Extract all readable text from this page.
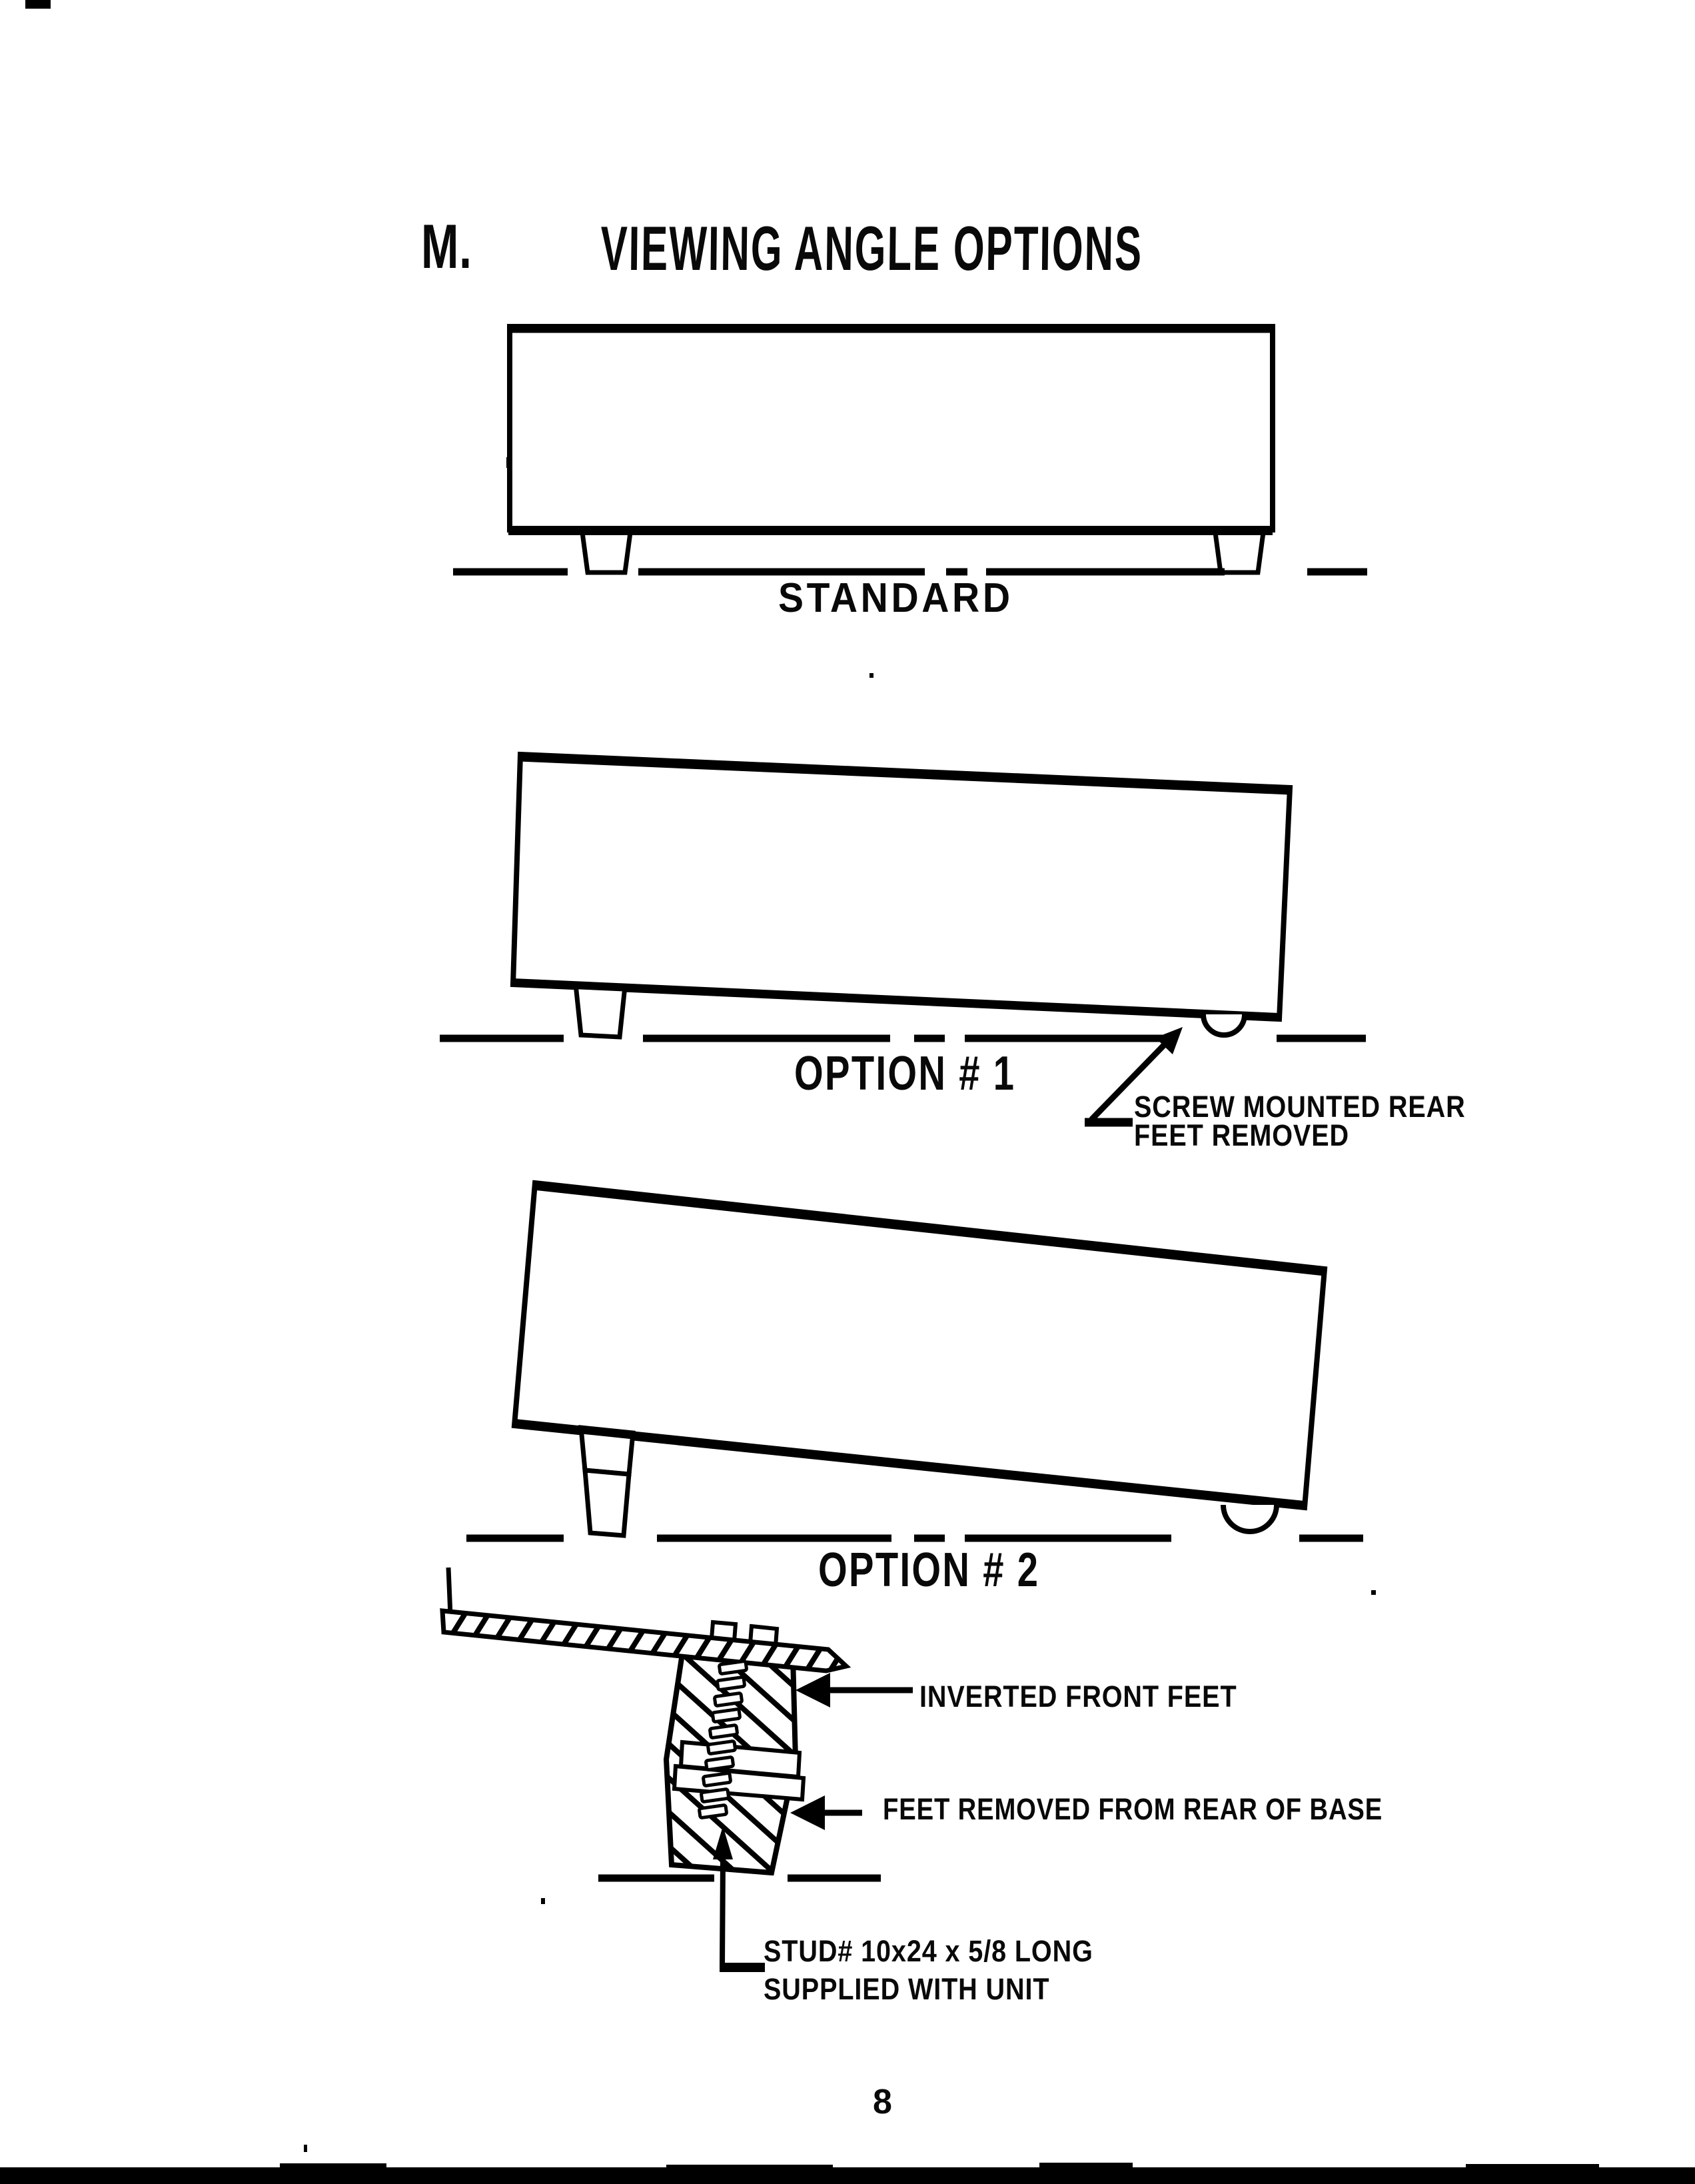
M. VIEWING ANGLE OPTIONS
STANDARD
OPTION # 1
SCREW MOUNTED REAR
FEET REMOVED
OPTION # 2
INVERTED FRONT FEET
FEET REMOVED FROM REAR OF BASE
STUD# 10x24 x 5/8 LONG
SUPPLIED WITH UNIT
8
